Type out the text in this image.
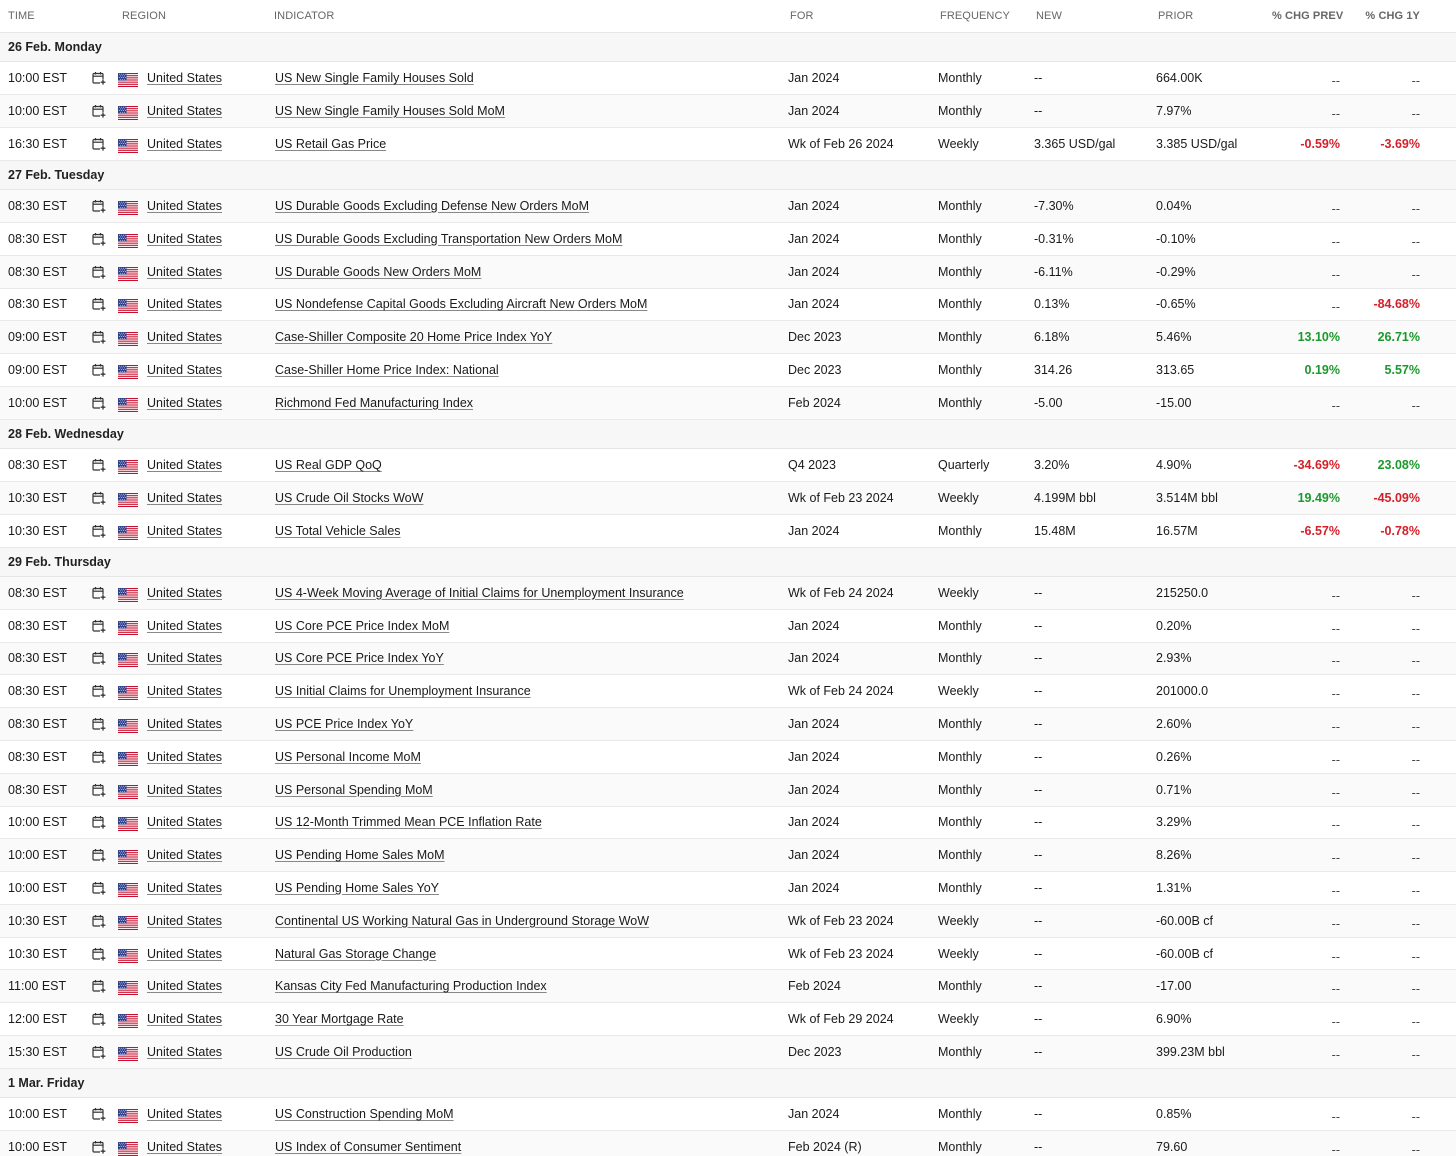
TIME	REGION	INDICATOR	FOR	FREQUENCY	NEW	PRIOR	% CHG PREV	% CHG 1Y
26 Feb. Monday
10:00 EST	United States	US New Single Family Houses Sold	Jan 2024	Monthly	--	664.00K	--	--
10:00 EST	United States	US New Single Family Houses Sold MoM	Jan 2024	Monthly	--	7.97%	--	--
16:30 EST	United States	US Retail Gas Price	Wk of Feb 26 2024	Weekly	3.365 USD/gal	3.385 USD/gal	-0.59%	-3.69%
27 Feb. Tuesday
08:30 EST	United States	US Durable Goods Excluding Defense New Orders MoM	Jan 2024	Monthly	-7.30%	0.04%	--	--
08:30 EST	United States	US Durable Goods Excluding Transportation New Orders MoM	Jan 2024	Monthly	-0.31%	-0.10%	--	--
08:30 EST	United States	US Durable Goods New Orders MoM	Jan 2024	Monthly	-6.11%	-0.29%	--	--
08:30 EST	United States	US Nondefense Capital Goods Excluding Aircraft New Orders MoM	Jan 2024	Monthly	0.13%	-0.65%	--	-84.68%
09:00 EST	United States	Case-Shiller Composite 20 Home Price Index YoY	Dec 2023	Monthly	6.18%	5.46%	13.10%	26.71%
09:00 EST	United States	Case-Shiller Home Price Index: National	Dec 2023	Monthly	314.26	313.65	0.19%	5.57%
10:00 EST	United States	Richmond Fed Manufacturing Index	Feb 2024	Monthly	-5.00	-15.00	--	--
28 Feb. Wednesday
08:30 EST	United States	US Real GDP QoQ	Q4 2023	Quarterly	3.20%	4.90%	-34.69%	23.08%
10:30 EST	United States	US Crude Oil Stocks WoW	Wk of Feb 23 2024	Weekly	4.199M bbl	3.514M bbl	19.49%	-45.09%
10:30 EST	United States	US Total Vehicle Sales	Jan 2024	Monthly	15.48M	16.57M	-6.57%	-0.78%
29 Feb. Thursday
08:30 EST	United States	US 4-Week Moving Average of Initial Claims for Unemployment Insurance	Wk of Feb 24 2024	Weekly	--	215250.0	--	--
08:30 EST	United States	US Core PCE Price Index MoM	Jan 2024	Monthly	--	0.20%	--	--
08:30 EST	United States	US Core PCE Price Index YoY	Jan 2024	Monthly	--	2.93%	--	--
08:30 EST	United States	US Initial Claims for Unemployment Insurance	Wk of Feb 24 2024	Weekly	--	201000.0	--	--
08:30 EST	United States	US PCE Price Index YoY	Jan 2024	Monthly	--	2.60%	--	--
08:30 EST	United States	US Personal Income MoM	Jan 2024	Monthly	--	0.26%	--	--
08:30 EST	United States	US Personal Spending MoM	Jan 2024	Monthly	--	0.71%	--	--
10:00 EST	United States	US 12-Month Trimmed Mean PCE Inflation Rate	Jan 2024	Monthly	--	3.29%	--	--
10:00 EST	United States	US Pending Home Sales MoM	Jan 2024	Monthly	--	8.26%	--	--
10:00 EST	United States	US Pending Home Sales YoY	Jan 2024	Monthly	--	1.31%	--	--
10:30 EST	United States	Continental US Working Natural Gas in Underground Storage WoW	Wk of Feb 23 2024	Weekly	--	-60.00B cf	--	--
10:30 EST	United States	Natural Gas Storage Change	Wk of Feb 23 2024	Weekly	--	-60.00B cf	--	--
11:00 EST	United States	Kansas City Fed Manufacturing Production Index	Feb 2024	Monthly	--	-17.00	--	--
12:00 EST	United States	30 Year Mortgage Rate	Wk of Feb 29 2024	Weekly	--	6.90%	--	--
15:30 EST	United States	US Crude Oil Production	Dec 2023	Monthly	--	399.23M bbl	--	--
1 Mar. Friday
10:00 EST	United States	US Construction Spending MoM	Jan 2024	Monthly	--	0.85%	--	--
10:00 EST	United States	US Index of Consumer Sentiment	Feb 2024 (R)	Monthly	--	79.60	--	--
